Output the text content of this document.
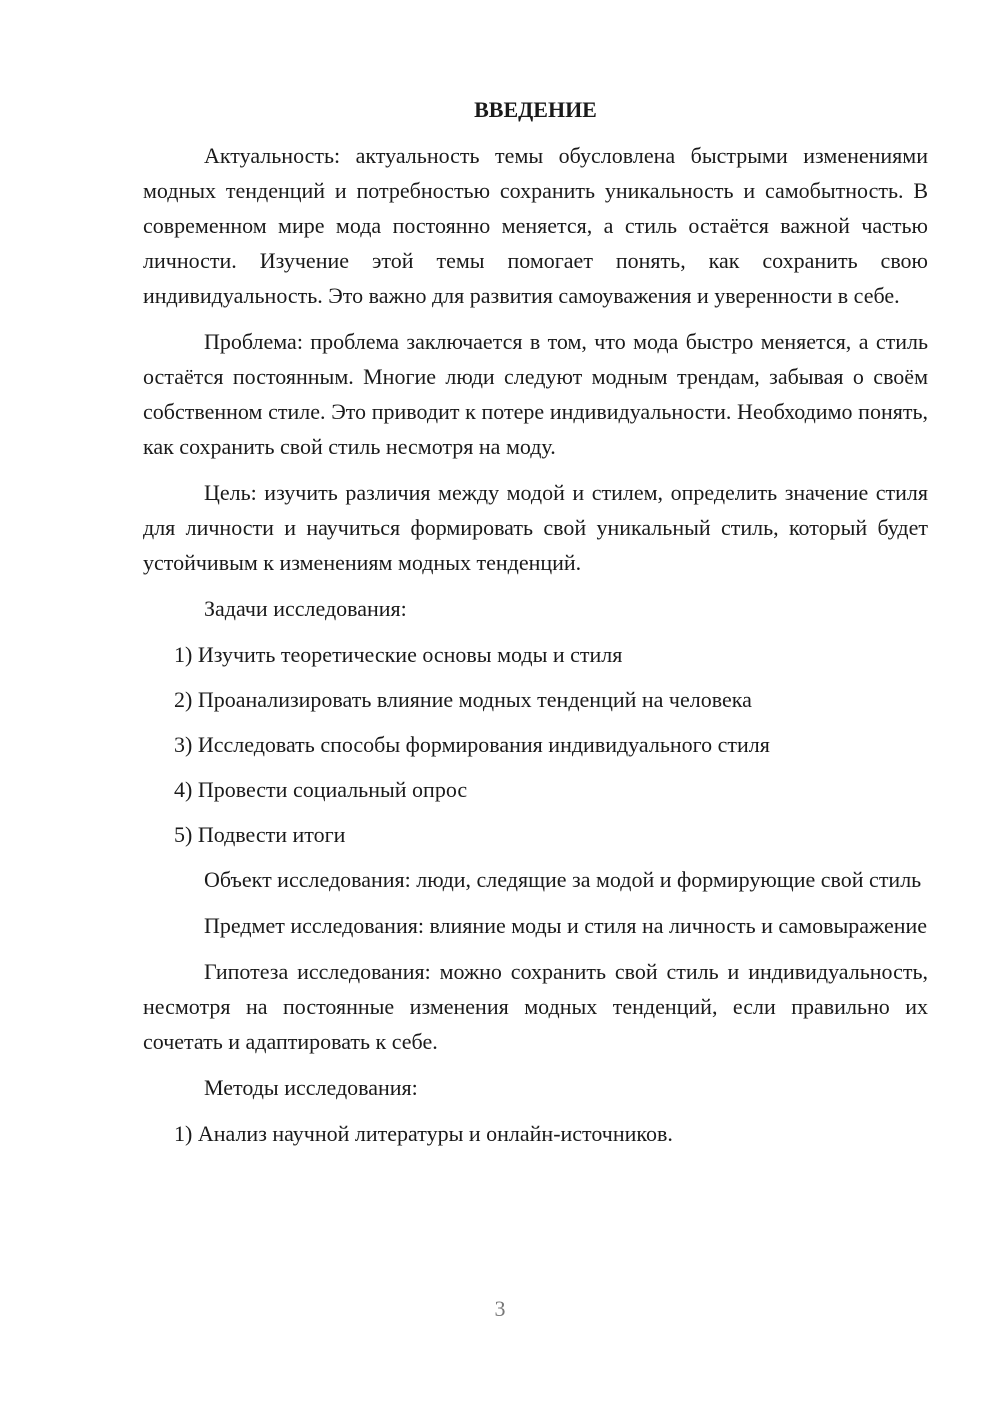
ВВЕДЕНИЕ

Актуальность: актуальность темы обусловлена быстрыми изменениями модных тенденций и потребностью сохранить уникальность и самобытность. В современном мире мода постоянно меняется, а стиль остаётся важной частью личности. Изучение этой темы помогает понять, как сохранить свою индивидуальность. Это важно для развития самоуважения и уверенности в себе.

Проблема: проблема заключается в том, что мода быстро меняется, а стиль остаётся постоянным. Многие люди следуют модным трендам, забывая о своём собственном стиле. Это приводит к потере индивидуальности. Необходимо понять, как сохранить свой стиль несмотря на моду.

Цель: изучить различия между модой и стилем, определить значение стиля для личности и научиться формировать свой уникальный стиль, который будет устойчивым к изменениям модных тенденций.

Задачи исследования:

1) Изучить теоретические основы моды и стиля

2) Проанализировать влияние модных тенденций на человека

3) Исследовать способы формирования индивидуального стиля

4) Провести социальный опрос

5) Подвести итоги

Объект исследования: люди, следящие за модой и формирующие свой стиль

Предмет исследования: влияние моды и стиля на личность и самовыражение

Гипотеза исследования: можно сохранить свой стиль и индивидуальность, несмотря на постоянные изменения модных тенденций, если правильно их сочетать и адаптировать к себе.

Методы исследования:

1) Анализ научной литературы и онлайн-источников.

3
